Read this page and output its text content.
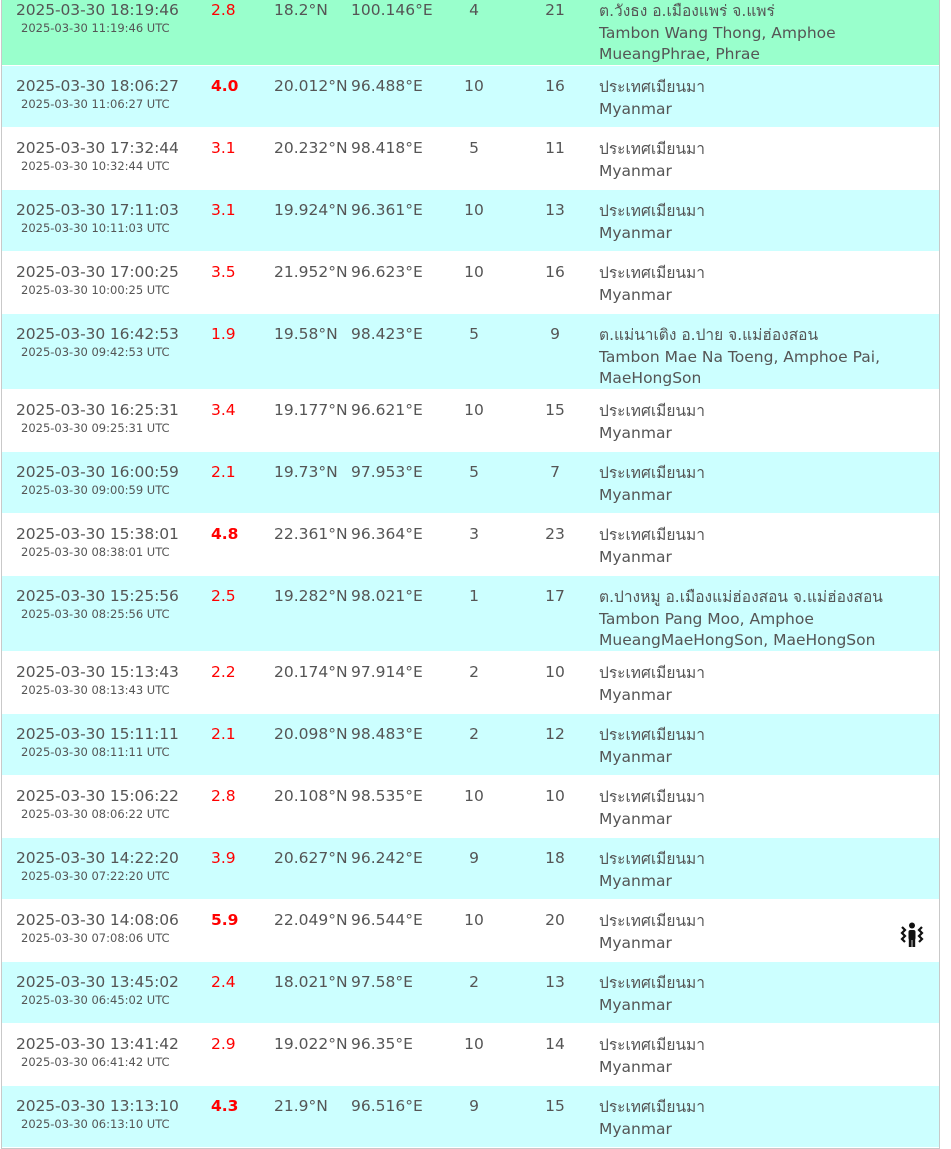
2025-03-30 18:19:46
2025-03-30 11:19:46 UTC
2.8 18.2°N 100.146°E	4	21	ต.วังธง อ.เมืองแพร่ จ.แพร่
Tambon Wang Thong, Amphoe MueangPhrae, Phrae
2025-03-30 18:06:27
2025-03-30 11:06:27 UTC
4.0 20.012°N 96.488°E	10	16	ประเทศเมียนมา
Myanmar
2025-03-30 17:32:44
2025-03-30 10:32:44 UTC
3.1 20.232°N 98.418°E	5	11	ประเทศเมียนมา
Myanmar
2025-03-30 17:11:03
2025-03-30 10:11:03 UTC
3.1 19.924°N 96.361°E	10	13	ประเทศเมียนมา
Myanmar
2025-03-30 17:00:25
2025-03-30 10:00:25 UTC
3.5 21.952°N 96.623°E	10	16	ประเทศเมียนมา
Myanmar
2025-03-30 16:42:53
2025-03-30 09:42:53 UTC
1.9 19.58°N 98.423°E	5	9	ต.แม่นาเติง อ.ปาย จ.แม่ฮ่องสอน
Tambon Mae Na Toeng, Amphoe Pai, MaeHongSon
2025-03-30 16:25:31
2025-03-30 09:25:31 UTC
3.4 19.177°N 96.621°E	10	15	ประเทศเมียนมา
Myanmar
2025-03-30 16:00:59
2025-03-30 09:00:59 UTC
2.1 19.73°N 97.953°E	5	7	ประเทศเมียนมา
Myanmar
2025-03-30 15:38:01
2025-03-30 08:38:01 UTC
4.8 22.361°N 96.364°E	3	23	ประเทศเมียนมา
Myanmar
2025-03-30 15:25:56
2025-03-30 08:25:56 UTC
2.5 19.282°N 98.021°E	1	17	ต.ปางหมู อ.เมืองแม่ฮ่องสอน จ.แม่ฮ่องสอน
Tambon Pang Moo, Amphoe MueangMaeHongSon, MaeHongSon
2025-03-30 15:13:43
2025-03-30 08:13:43 UTC
2.2 20.174°N 97.914°E	2	10	ประเทศเมียนมา
Myanmar
2025-03-30 15:11:11
2025-03-30 08:11:11 UTC
2.1 20.098°N 98.483°E	2	12	ประเทศเมียนมา
Myanmar
2025-03-30 15:06:22
2025-03-30 08:06:22 UTC
2.8 20.108°N 98.535°E	10	10	ประเทศเมียนมา
Myanmar
2025-03-30 14:22:20
2025-03-30 07:22:20 UTC
3.9 20.627°N 96.242°E	9	18	ประเทศเมียนมา
Myanmar
2025-03-30 14:08:06
2025-03-30 07:08:06 UTC
5.9 22.049°N 96.544°E	10	20	ประเทศเมียนมา
Myanmar
2025-03-30 13:45:02
2025-03-30 06:45:02 UTC
2.4 18.021°N 97.58°E	2	13	ประเทศเมียนมา
Myanmar
2025-03-30 13:41:42
2025-03-30 06:41:42 UTC
2.9 19.022°N 96.35°E	10	14	ประเทศเมียนมา
Myanmar
2025-03-30 13:13:10
2025-03-30 06:13:10 UTC
4.3 21.9°N 96.516°E	9	15	ประเทศเมียนมา
Myanmar
